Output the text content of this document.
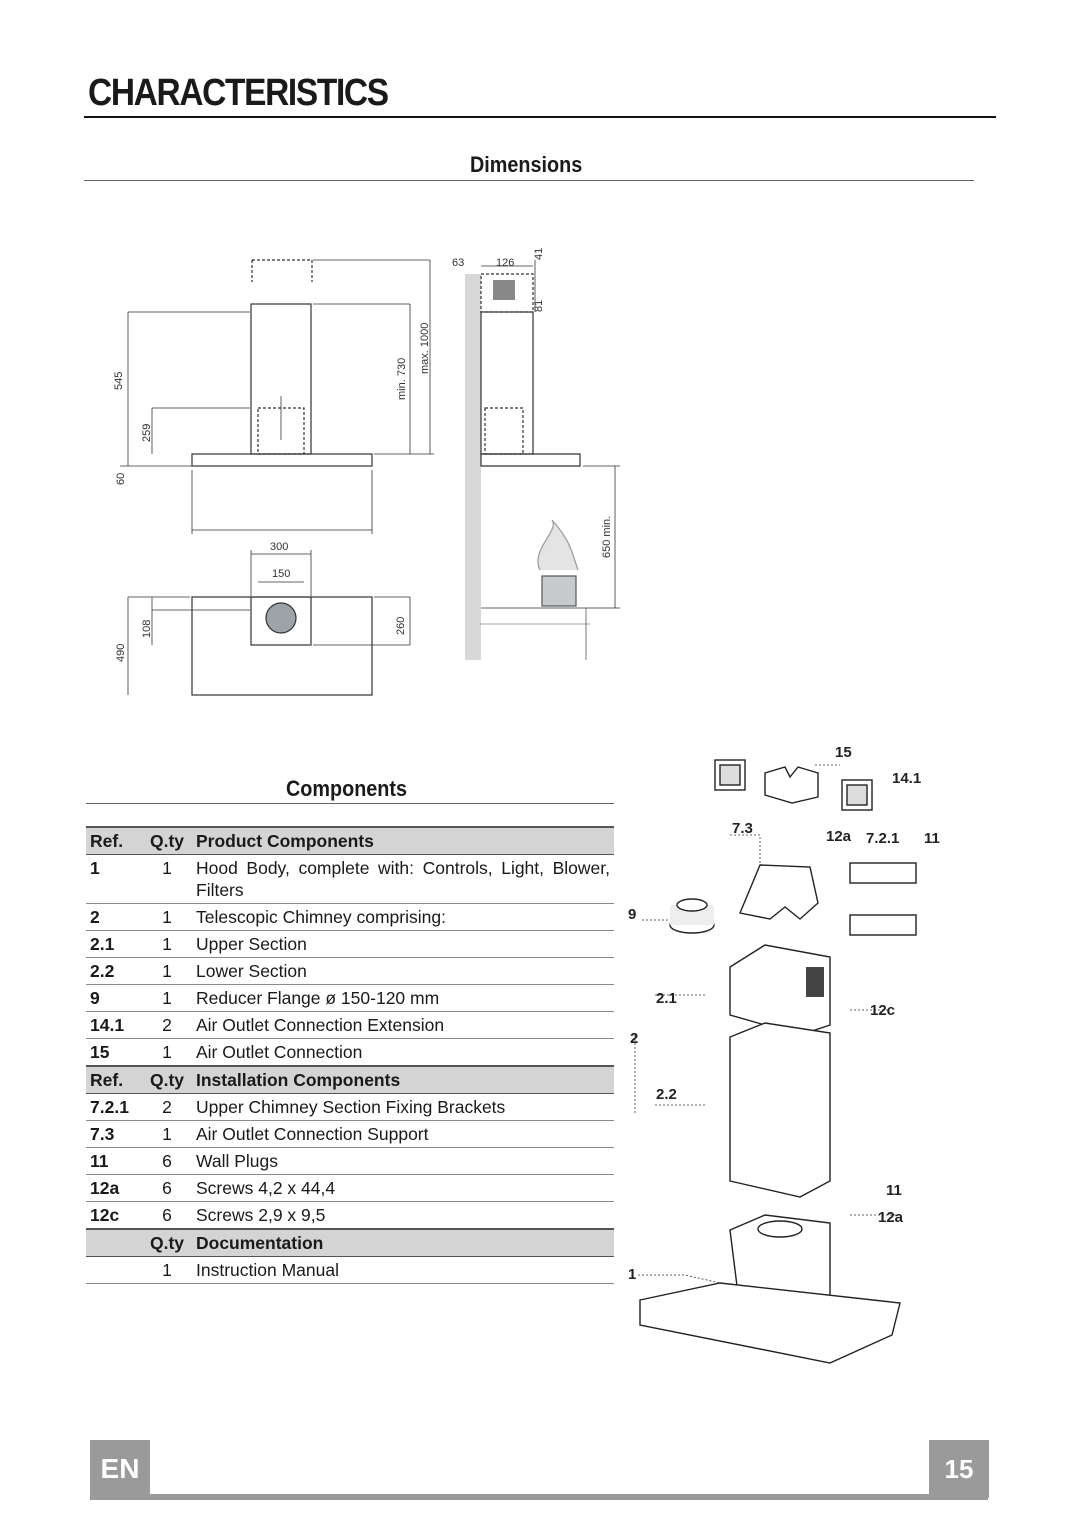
CHARACTERISTICS
Dimensions
545
259
60
300
150
490
108	260
min. 730
max. 1000
63	126
41
81
650 min.
Components
Ref.	Q.ty	Product Components
1	1	Hood Body, complete with: Controls, Light, Blower, Filters
2	1	Telescopic Chimney comprising:
2.1	1	Upper Section
2.2	1	Lower Section
9	1	Reducer Flange ø 150-120 mm
14.1	2	Air Outlet Connection Extension
15	1	Air Outlet Connection
Ref.	Q.ty	Installation Components
7.2.1	2	Upper Chimney Section Fixing Brackets
7.3	1	Air Outlet Connection Support
11	6	Wall Plugs
12a	6	Screws 4,2 x 44,4
12c	6	Screws 2,9 x 9,5
	Q.ty	Documentation
	1	Instruction Manual
15
14.1
7.3	12a 7.2.1 11
9
2.1
12c
2
2.2
11
12a
1
EN	15
